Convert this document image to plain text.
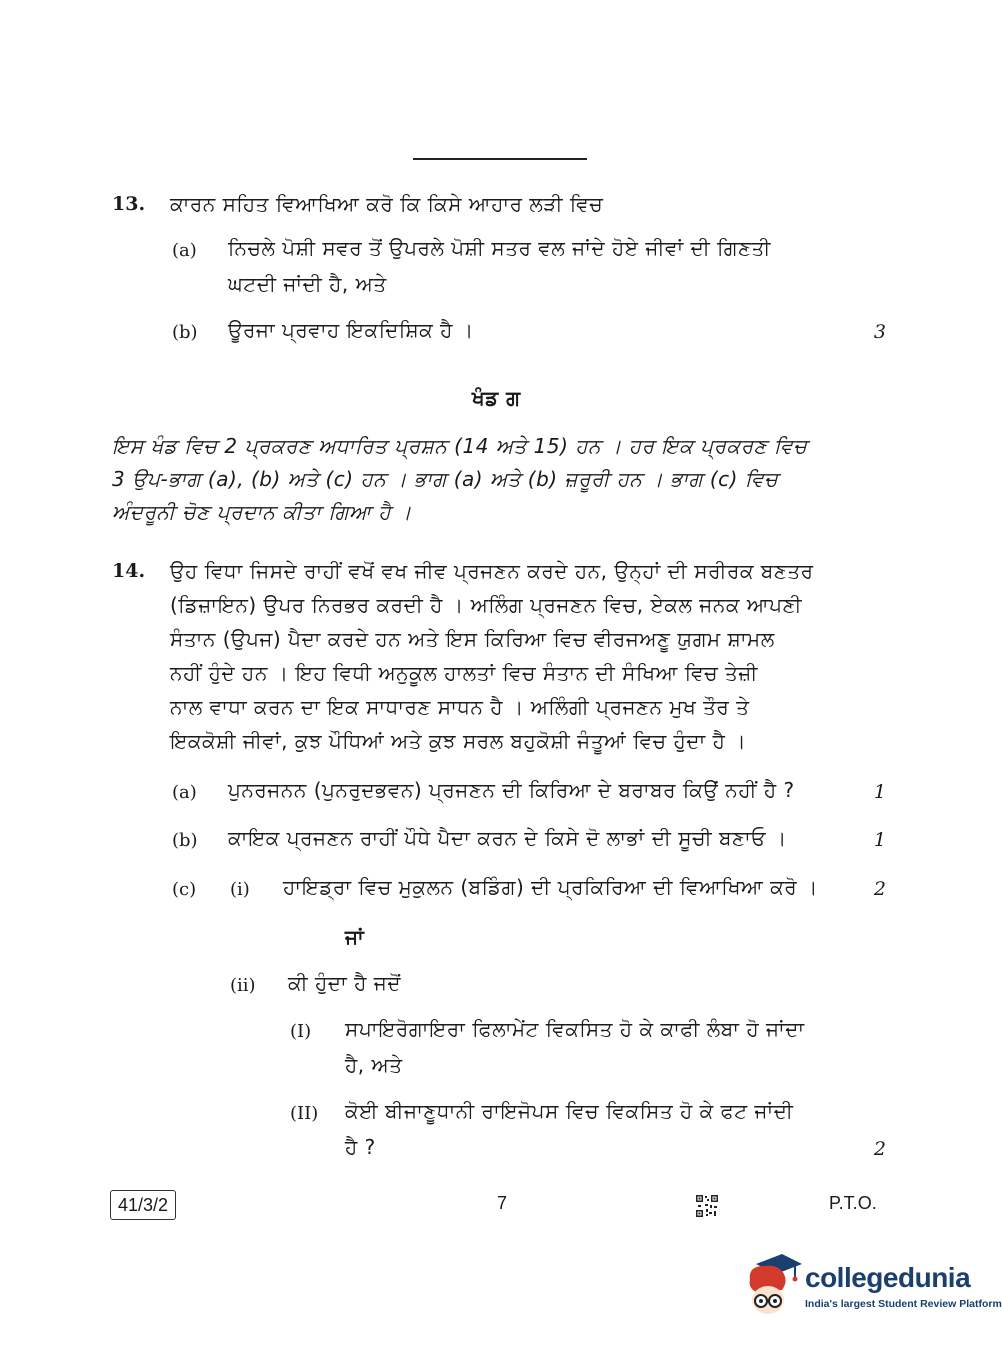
13. ਕਾਰਨ ਸਹਿਤ ਵਿਆਖਿਆ ਕਰੋ ਕਿ ਕਿਸੇ ਆਹਾਰ ਲੜੀ ਵਿਚ
(a) ਨਿਚਲੇ ਪੋਸ਼ੀ ਸਵਰ ਤੋਂ ਉਪਰਲੇ ਪੋਸ਼ੀ ਸਤਰ ਵਲ ਜਾਂਦੇ ਹੋਏ ਜੀਵਾਂ ਦੀ ਗਿਣਤੀ
ਘਟਦੀ ਜਾਂਦੀ ਹੈ, ਅਤੇ
(b) ਊਰਜਾ ਪ੍ਰਵਾਹ ਇਕਦਿਸ਼ਿਕ ਹੈ ।	3
ਖੰਡ ਗ
ਇਸ ਖੰਡ ਵਿਚ 2 ਪ੍ਰਕਰਣ ਅਧਾਰਿਤ ਪ੍ਰਸ਼ਨ (14 ਅਤੇ 15) ਹਨ । ਹਰ ਇਕ ਪ੍ਰਕਰਣ ਵਿਚ
3 ਉਪ-ਭਾਗ (a), (b) ਅਤੇ (c) ਹਨ । ਭਾਗ (a) ਅਤੇ (b) ਜ਼ਰੂਰੀ ਹਨ । ਭਾਗ (c) ਵਿਚ
ਅੰਦਰੂਨੀ ਚੋਣ ਪ੍ਰਦਾਨ ਕੀਤਾ ਗਿਆ ਹੈ ।
14. ਉਹ ਵਿਧਾ ਜਿਸਦੇ ਰਾਹੀਂ ਵਖੋਂ ਵਖ ਜੀਵ ਪ੍ਰਜਣਨ ਕਰਦੇ ਹਨ, ਉਨ੍ਹਾਂ ਦੀ ਸਰੀਰਕ ਬਣਤਰ
(ਡਿਜ਼ਾਇਨ) ਉਪਰ ਨਿਰਭਰ ਕਰਦੀ ਹੈ । ਅਲਿੰਗ ਪ੍ਰਜਣਨ ਵਿਚ, ਏਕਲ ਜਨਕ ਆਪਣੀ
ਸੰਤਾਨ (ਉਪਜ) ਪੈਦਾ ਕਰਦੇ ਹਨ ਅਤੇ ਇਸ ਕਿਰਿਆ ਵਿਚ ਵੀਰਜਅਣੂ ਯੁਗਮ ਸ਼ਾਮਲ
ਨਹੀਂ ਹੁੰਦੇ ਹਨ । ਇਹ ਵਿਧੀ ਅਨੁਕੂਲ ਹਾਲਤਾਂ ਵਿਚ ਸੰਤਾਨ ਦੀ ਸੰਖਿਆ ਵਿਚ ਤੇਜ਼ੀ
ਨਾਲ ਵਾਧਾ ਕਰਨ ਦਾ ਇਕ ਸਾਧਾਰਣ ਸਾਧਨ ਹੈ । ਅਲਿੰਗੀ ਪ੍ਰਜਣਨ ਮੁਖ ਤੌਰ ਤੇ
ਇਕਕੋਸ਼ੀ ਜੀਵਾਂ, ਕੁਝ ਪੌਧਿਆਂ ਅਤੇ ਕੁਝ ਸਰਲ ਬਹੁਕੋਸ਼ੀ ਜੰਤੂਆਂ ਵਿਚ ਹੁੰਦਾ ਹੈ ।
(a) ਪੁਨਰਜਨਨ (ਪੁਨਰੁਦਭਵਨ) ਪ੍ਰਜਣਨ ਦੀ ਕਿਰਿਆ ਦੇ ਬਰਾਬਰ ਕਿਉਂ ਨਹੀਂ ਹੈ ?	1
(b) ਕਾਇਕ ਪ੍ਰਜਣਨ ਰਾਹੀਂ ਪੌਧੇ ਪੈਦਾ ਕਰਨ ਦੇ ਕਿਸੇ ਦੋ ਲਾਭਾਂ ਦੀ ਸੂਚੀ ਬਣਾਓ ।	1
(c) (i) ਹਾਇਡ੍ਰਾ ਵਿਚ ਮੁਕੁਲਨ (ਬਡਿੰਗ) ਦੀ ਪ੍ਰਕਿਰਿਆ ਦੀ ਵਿਆਖਿਆ ਕਰੋ ।	2
ਜਾਂ
(ii) ਕੀ ਹੁੰਦਾ ਹੈ ਜਦੋਂ
(I) ਸਪਾਇਰੋਗਾਇਰਾ ਫਿਲਾਮੇਂਟ ਵਿਕਸਿਤ ਹੋ ਕੇ ਕਾਫੀ ਲੰਬਾ ਹੋ ਜਾਂਦਾ
ਹੈ, ਅਤੇ
(II) ਕੋਈ ਬੀਜਾਣੂਧਾਨੀ ਰਾਇਜੋਪਸ ਵਿਚ ਵਿਕਸਿਤ ਹੋ ਕੇ ਫਟ ਜਾਂਦੀ
ਹੈ ?	2
41/3/2	7	P.T.O.
collegedunia
India's largest Student Review Platform
